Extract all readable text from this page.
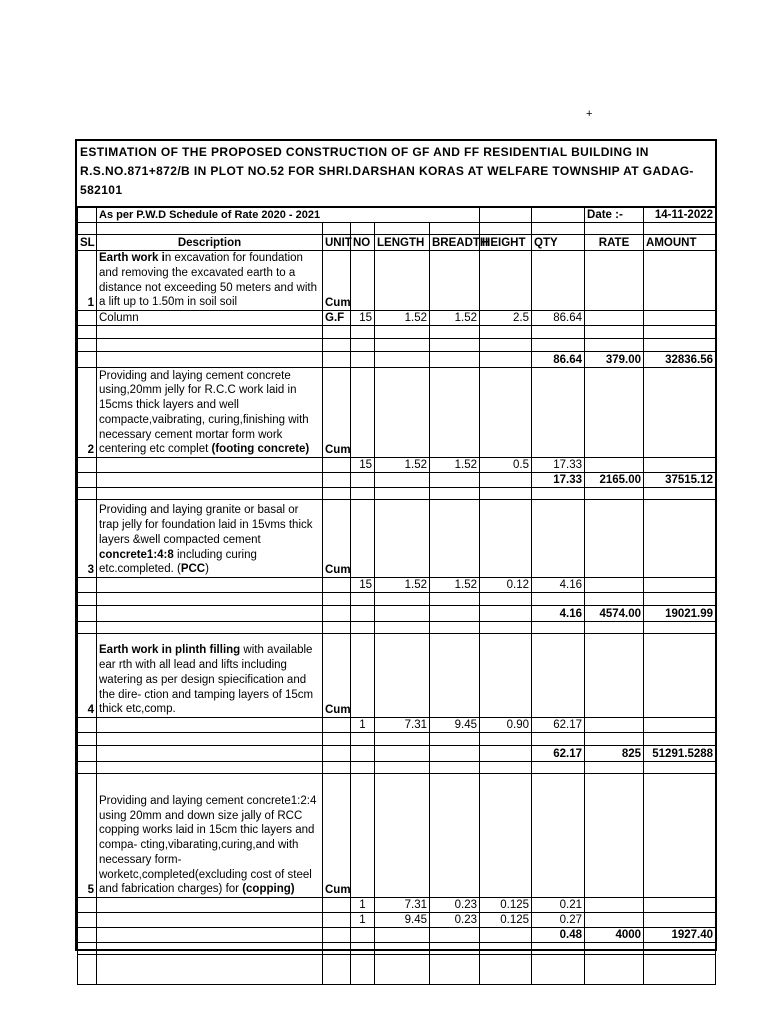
+
ESTIMATION OF THE PROPOSED CONSTRUCTION OF GF AND FF RESIDENTIAL BUILDING IN R.S.NO.871+872/B IN PLOT NO.52 FOR SHRI.DARSHAN KORAS AT WELFARE TOWNSHIP AT GADAG-582101
	As per P.W.D Schedule of Rate 2020 - 2021							Date :-	14-11-2022

SL	Description	UNIT	NO	LENGTH	BREADTH	HEIGHT	QTY	RATE	AMOUNT
1	Earth work in excavation for foundation and removing the excavated earth to a distance not exceeding 50 meters and with a lift up to 1.50m in soil soil	Cum							
	Column	G.F	15	1.52	1.52	2.5	86.64		

							86.64	379.00	32836.56
2	Providing and laying cement concrete using,20mm jelly for R.C.C work laid in 15cms thick layers and well compacte,vaibrating, curing,finishing with necessary cement mortar form work centering etc complet (footing concrete)	Cum							
			15	1.52	1.52	0.5	17.33		
							17.33	2165.00	37515.12

3	Providing and laying granite or basal or trap jelly for foundation laid in 15vms thick layers &well compacted cement concrete1:4:8 including curing etc.completed. (PCC)	Cum							
			15	1.52	1.52	0.12	4.16		

							4.16	4574.00	19021.99

4	Earth work in plinth filling with available ear rth with all lead and lifts including watering as per design spiecification and the dire- ction and tamping layers of 15cm thick etc,comp.	Cum							
			1	7.31	9.45	0.90	62.17		

							62.17	825	51291.5288

5	Providing and laying cement concrete1:2:4 using 20mm and down size jally of RCC copping works laid in 15cm thic layers and compa- cting,vibarating,curing,and with necessary form-worketc,completed(excluding cost of steel and fabrication charges) for (copping)	Cum							
			1	7.31	0.23	0.125	0.21		
			1	9.45	0.23	0.125	0.27		
							0.48	4000	1927.40
